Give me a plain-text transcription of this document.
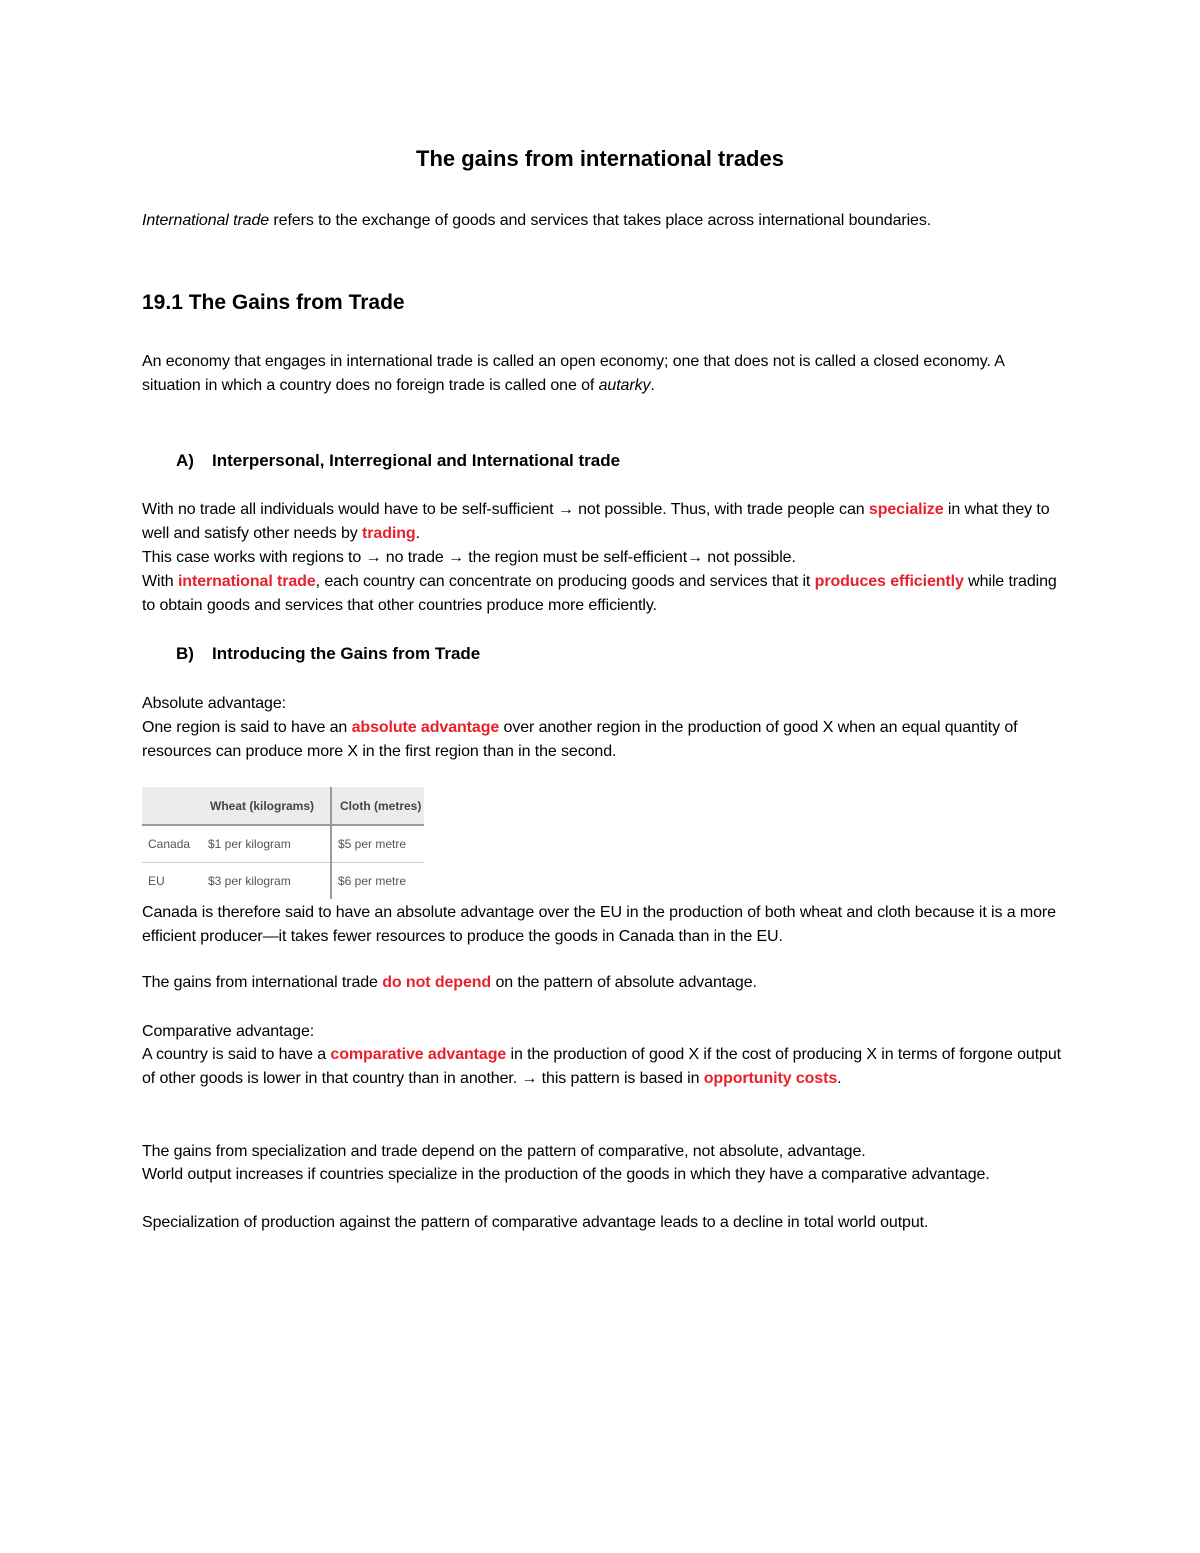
The gains from international trades

International trade refers to the exchange of goods and services that takes place across international boundaries.

19.1 The Gains from Trade

An economy that engages in international trade is called an open economy; one that does not is called a closed economy. A situation in which a country does no foreign trade is called one of autarky.

A) Interpersonal, Interregional and International trade

With no trade all individuals would have to be self-sufficient → not possible. Thus, with trade people can specialize in what they to well and satisfy other needs by trading.

This case works with regions to → no trade → the region must be self-efficient→ not possible.

With international trade, each country can concentrate on producing goods and services that it produces efficiently while trading to obtain goods and services that other countries produce more efficiently.

B) Introducing the Gains from Trade

Absolute advantage:

One region is said to have an absolute advantage over another region in the production of good X when an equal quantity of resources can produce more X in the first region than in the second.

	Wheat (kilograms)	Cloth (metres)
Canada	$1 per kilogram	$5 per metre
EU	$3 per kilogram	$6 per metre

Canada is therefore said to have an absolute advantage over the EU in the production of both wheat and cloth because it is a more efficient producer—it takes fewer resources to produce the goods in Canada than in the EU.

The gains from international trade do not depend on the pattern of absolute advantage.

Comparative advantage:

A country is said to have a comparative advantage in the production of good X if the cost of producing X in terms of forgone output of other goods is lower in that country than in another. → this pattern is based in opportunity costs.

The gains from specialization and trade depend on the pattern of comparative, not absolute, advantage.

World output increases if countries specialize in the production of the goods in which they have a comparative advantage.

Specialization of production against the pattern of comparative advantage leads to a decline in total world output.
